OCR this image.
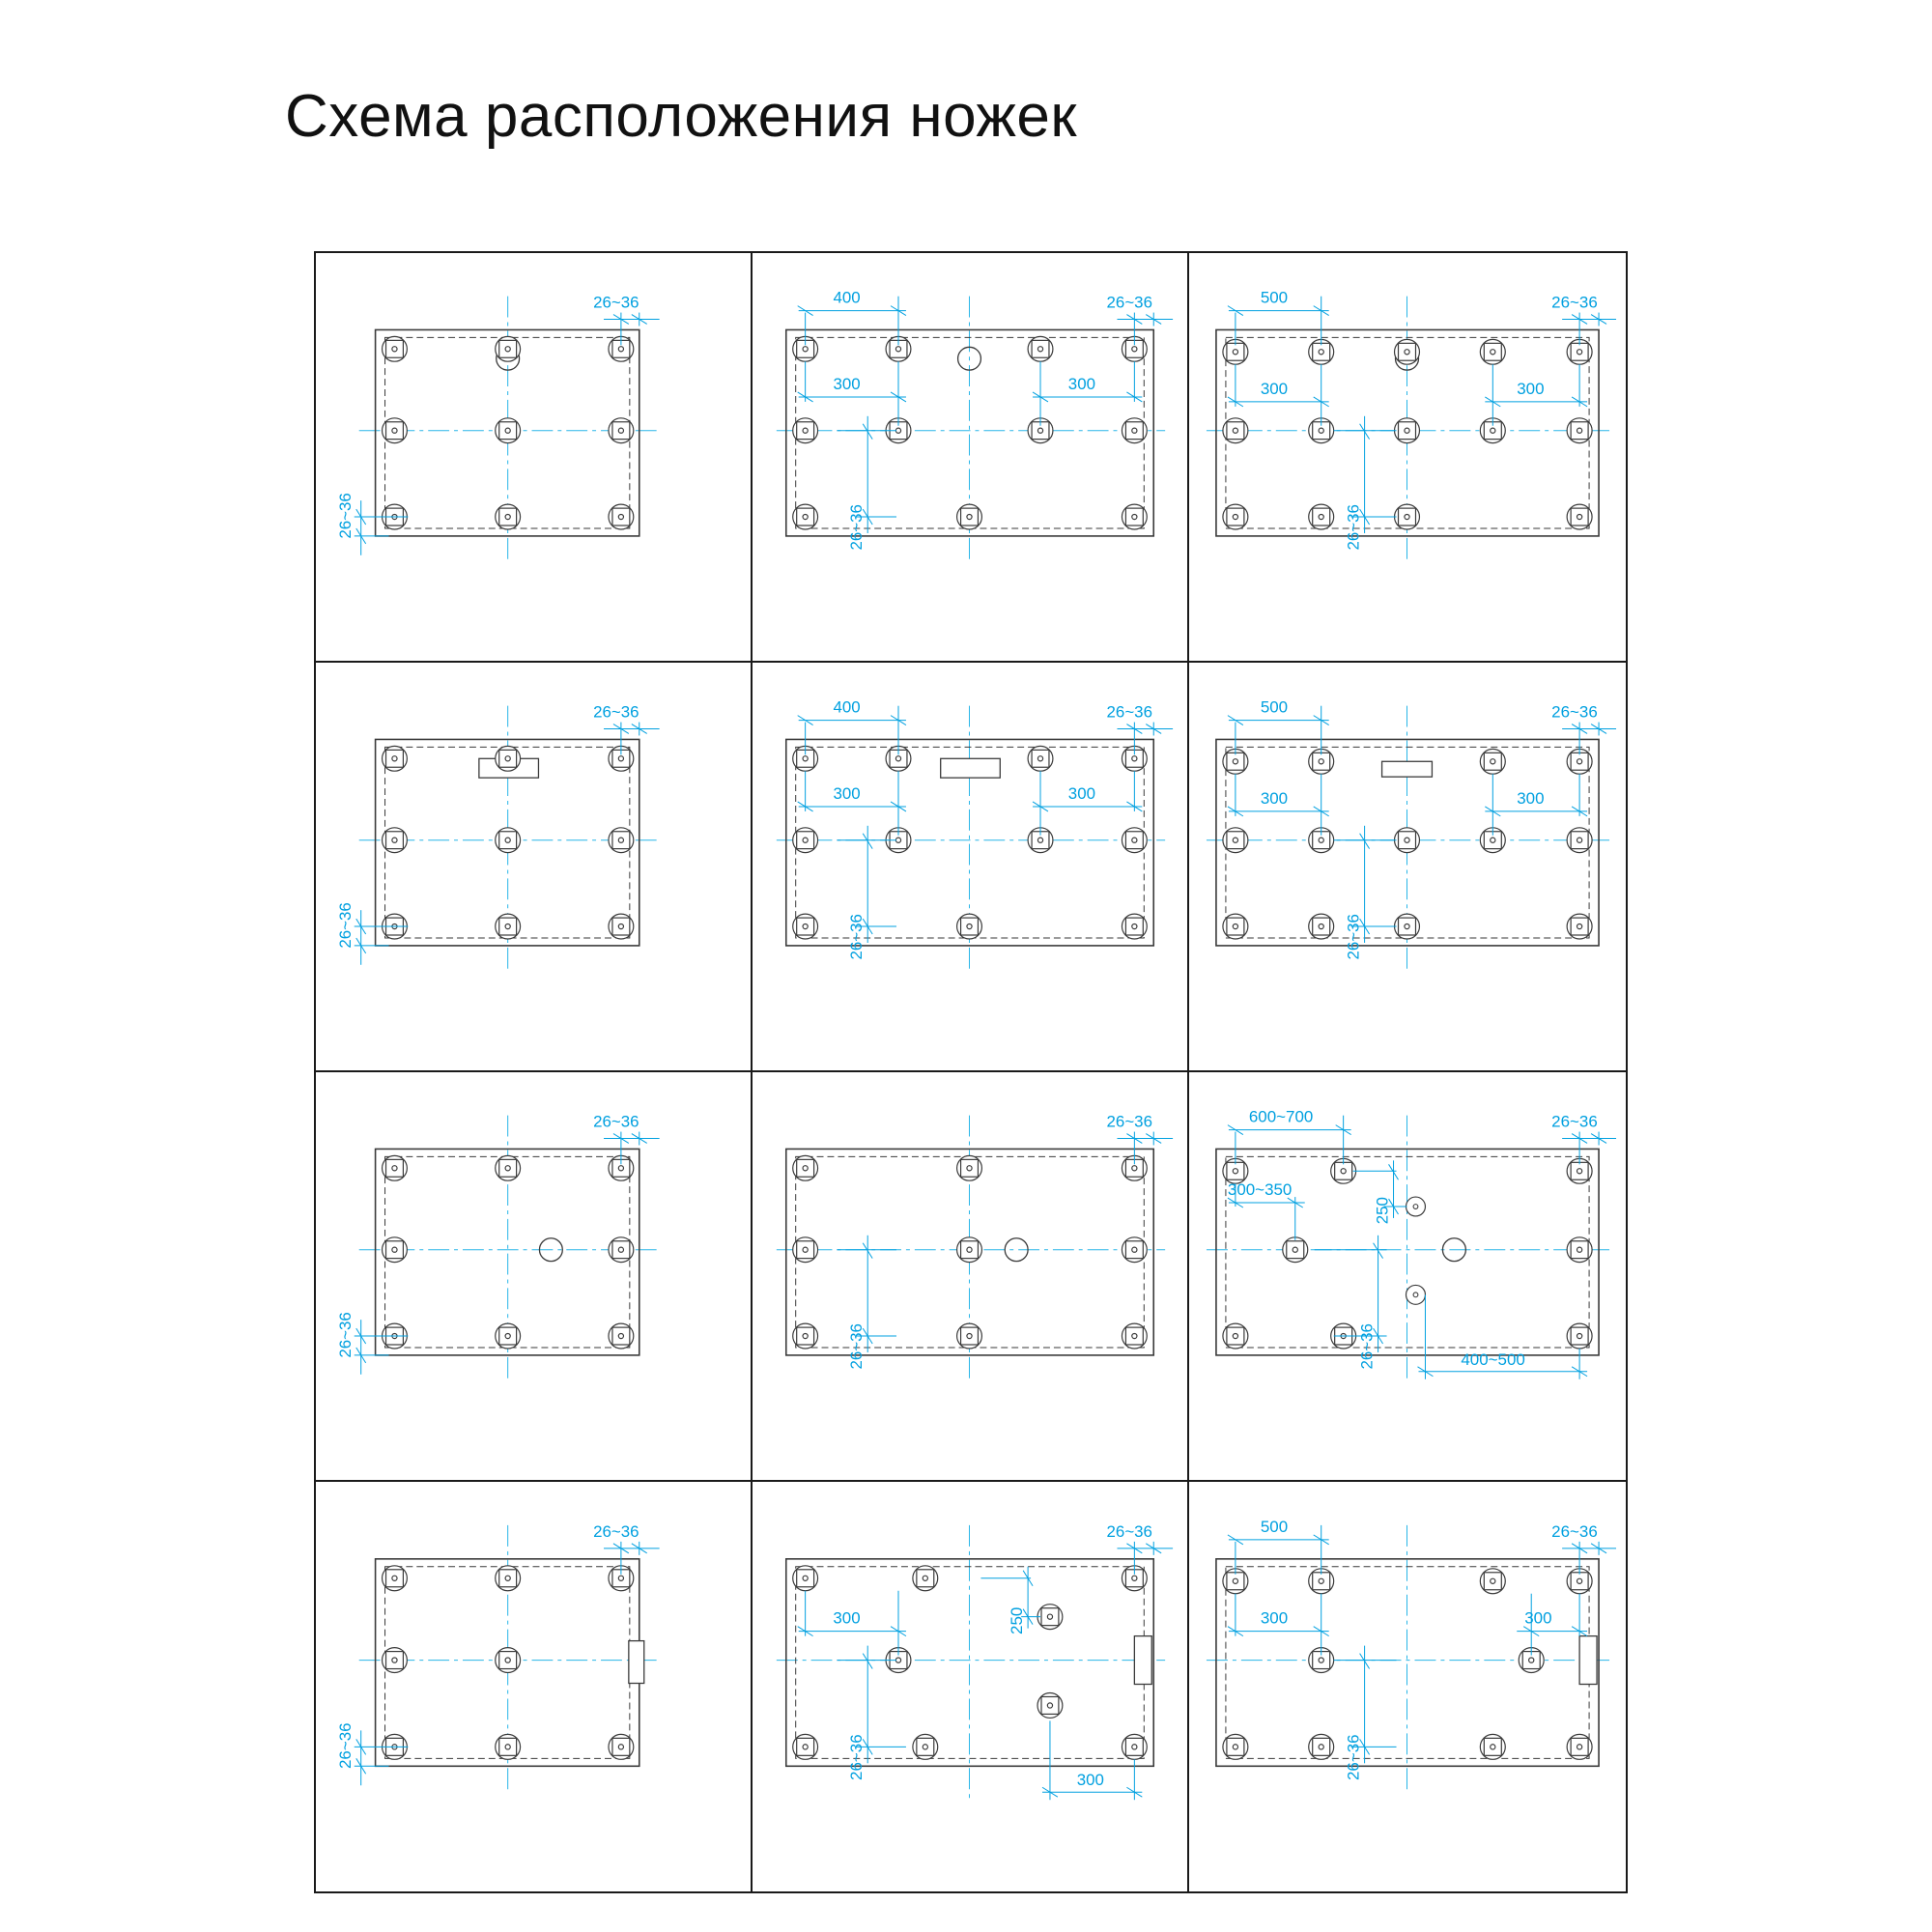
Схема расположения ножек
26~36
26~36
400	26~36
300	300
26~36
500	26~36
300	300
26~36
26~36
26~36
400	26~36
300	300
26~36
500	26~36
300	300
26~36
26~36
26~36
26~36
26~36
600~700	26~36
300~350
250
26~36	400~500
26~36
26~36
26~36
250
300
26~36	300
500	26~36
300	300
26~36
